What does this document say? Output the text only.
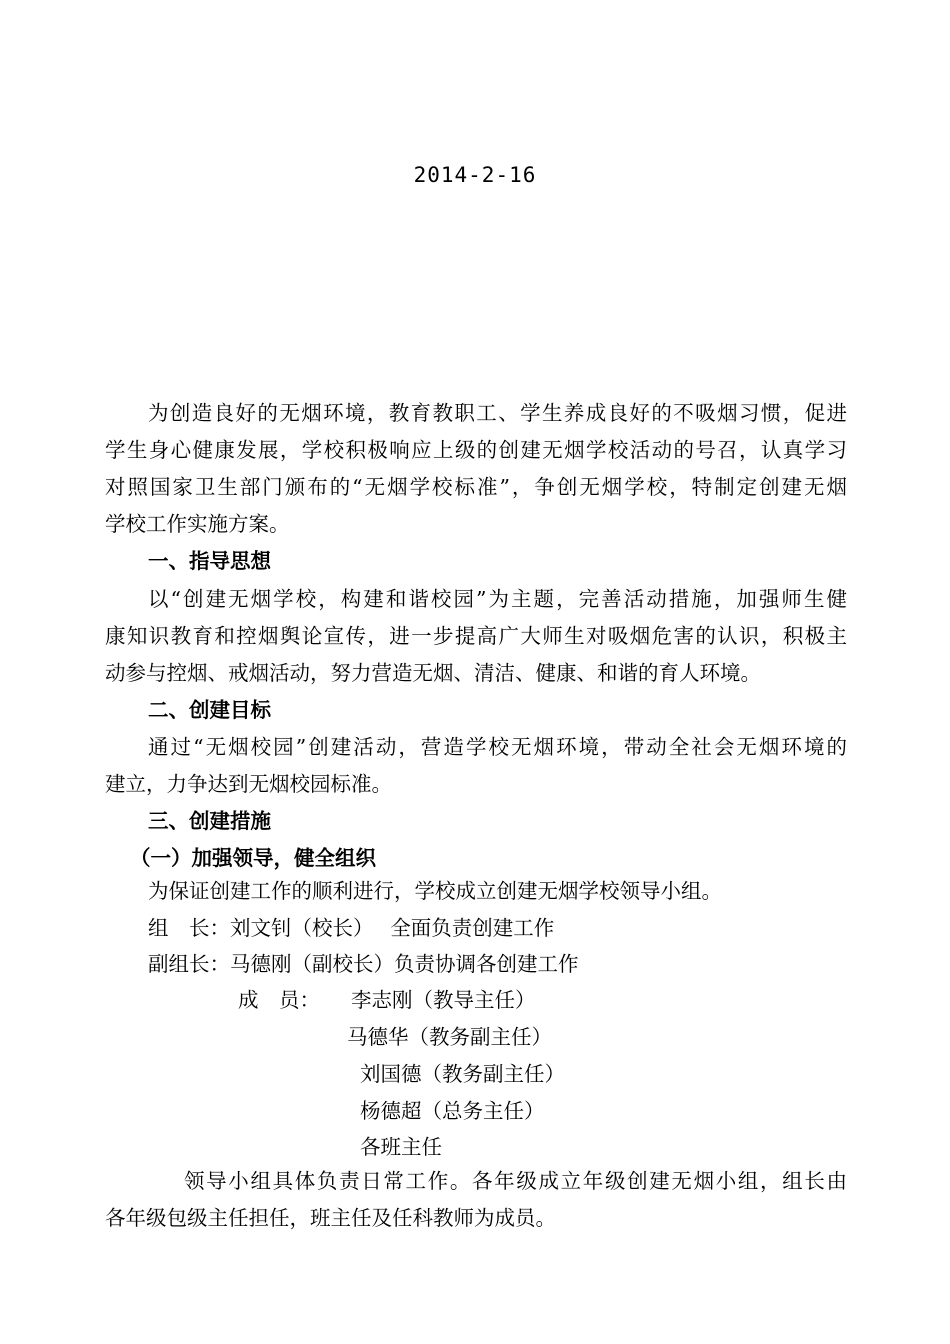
2014-2-16
为创造良好的无烟环境，教育教职工、学生养成良好的不吸烟习惯，促进
学生身心健康发展，学校积极响应上级的创建无烟学校活动的号召，认真学习
对照国家卫生部门颁布的“无烟学校标准”，争创无烟学校，特制定创建无烟
学校工作实施方案。
一、指导思想
以“创建无烟学校，构建和谐校园”为主题，完善活动措施，加强师生健
康知识教育和控烟舆论宣传，进一步提高广大师生对吸烟危害的认识，积极主
动参与控烟、戒烟活动，努力营造无烟、清洁、健康、和谐的育人环境。
二、创建目标
通过“无烟校园”创建活动，营造学校无烟环境，带动全社会无烟环境的
建立，力争达到无烟校园标准。
三、创建措施
（一）加强领导，健全组织
为保证创建工作的顺利进行，学校成立创建无烟学校领导小组。
组　长：刘文钊（校长）　 全面负责创建工作
副组长：马德刚（副校长）负责协调各创建工作
成　员：	李志刚（教导主任）
马德华（教务副主任）
刘国德（教务副主任）
杨德超（总务主任）
各班主任
领导小组具体负责日常工作。各年级成立年级创建无烟小组，组长由
各年级包级主任担任，班主任及任科教师为成员。
